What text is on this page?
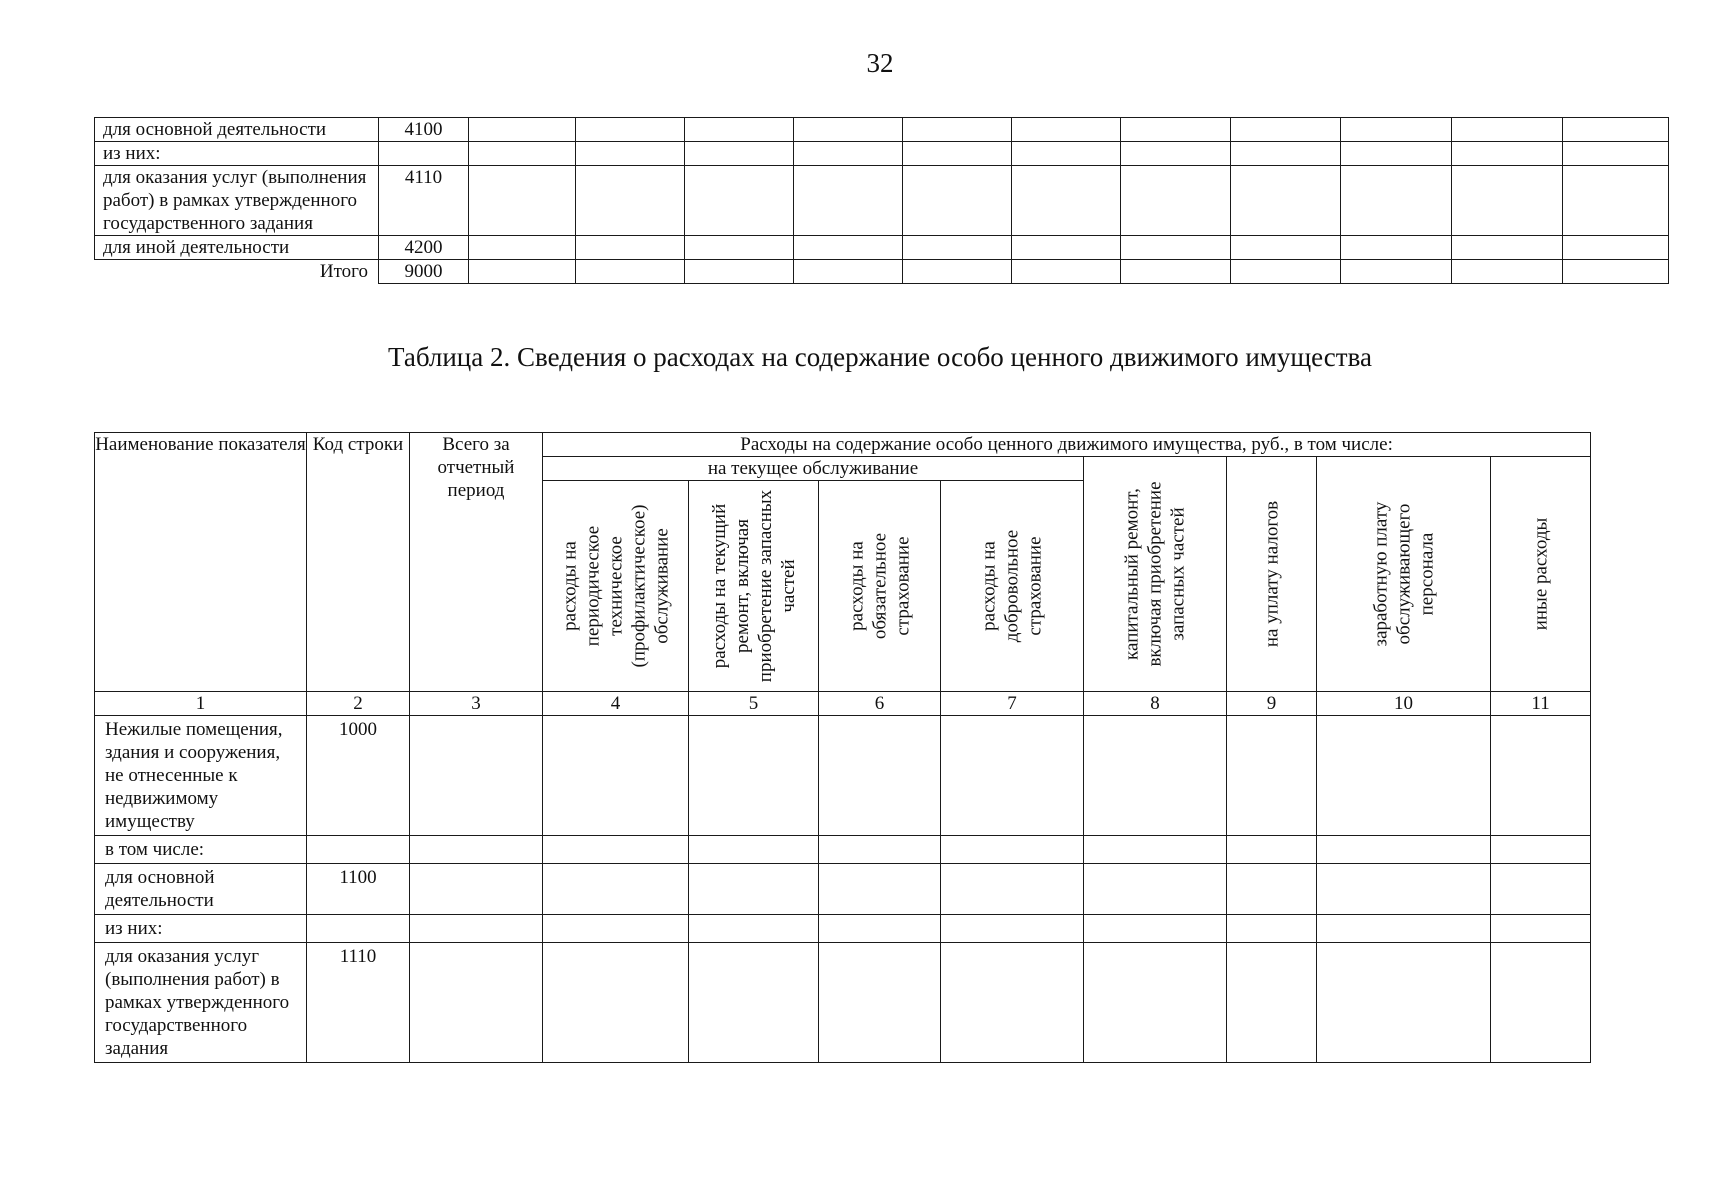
32
для основной деятельности	4100											
из них:												
для оказания услуг (выполнения работ) в рамках утвержденного государственного задания	4110											
для иной деятельности	4200											
Итого	9000											
Таблица 2. Сведения о расходах на содержание особо ценного движимого имущества
Наименование показателя	Код строки	Всего за отчетный период	Расходы на содержание особо ценного движимого имущества, руб., в том числе:							
			на текущее обслуживание				капитальный ремонт, включая приобретение запасных частей	на уплату налогов	заработную плату обслуживающего персонала	иные расходы

			расходы на периодическое техническое (профилактическое) обслуживание	расходы на текущий ремонт, включая приобретение запасных частей	расходы на обязательное страхование	расходы на добровольное страхование				

1	2	3	4	5	6	7	8	9	10	11
Нежилые помещения, здания и сооружения, не отнесенные к недвижимому имуществу	1000									
в том числе:										
для основной деятельности	1100									
из них:										
для оказания услуг (выполнения работ) в рамках утвержденного государственного задания	1110									
